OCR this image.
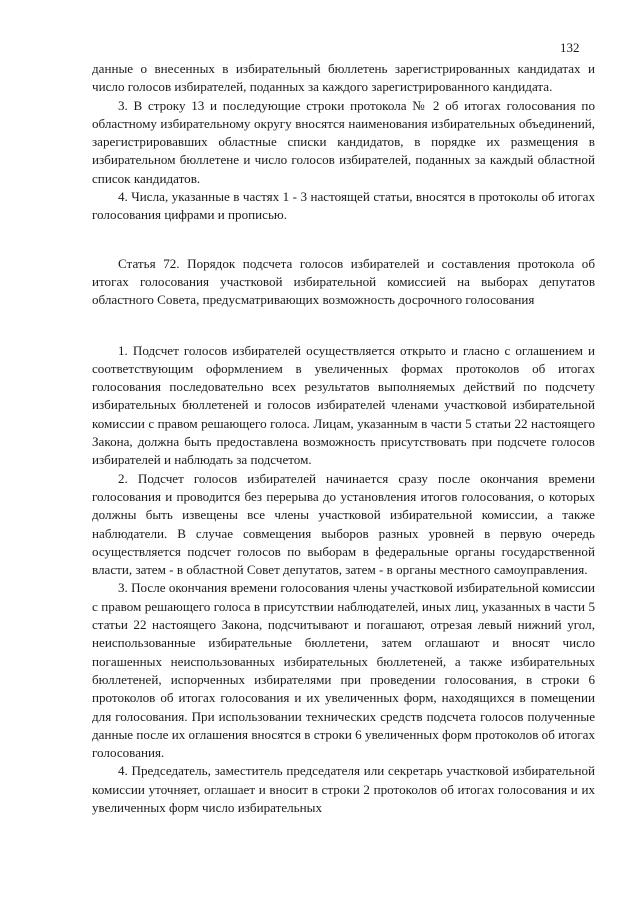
132

данные о внесенных в избирательный бюллетень зарегистрированных кандидатах и число голосов избирателей, поданных за каждого зарегистрированного кандидата.

3. В строку 13 и последующие строки протокола № 2 об итогах голосования по областному избирательному округу вносятся наименования избирательных объединений, зарегистрировавших областные списки кандидатов, в порядке их размещения в избирательном бюллетене и число голосов избирателей, поданных за каждый областной список кандидатов.

4. Числа, указанные в частях 1 - 3 настоящей статьи, вносятся в протоколы об итогах голосования цифрами и прописью.

Статья 72. Порядок подсчета голосов избирателей и составления протокола об итогах голосования участковой избирательной комиссией на выборах депутатов областного Совета, предусматривающих возможность досрочного голосования

1. Подсчет голосов избирателей осуществляется открыто и гласно с оглашением и соответствующим оформлением в увеличенных формах протоколов об итогах голосования последовательно всех результатов выполняемых действий по подсчету избирательных бюллетеней и голосов избирателей членами участковой избирательной комиссии с правом решающего голоса. Лицам, указанным в части 5 статьи 22 настоящего Закона, должна быть предоставлена возможность присутствовать при подсчете голосов избирателей и наблюдать за подсчетом.

2. Подсчет голосов избирателей начинается сразу после окончания времени голосования и проводится без перерыва до установления итогов голосования, о которых должны быть извещены все члены участковой избирательной комиссии, а также наблюдатели. В случае совмещения выборов разных уровней в первую очередь осуществляется подсчет голосов по выборам в федеральные органы государственной власти, затем - в областной Совет депутатов, затем - в органы местного самоуправления.

3. После окончания времени голосования члены участковой избирательной комиссии с правом решающего голоса в присутствии наблюдателей, иных лиц, указанных в части 5 статьи 22 настоящего Закона, подсчитывают и погашают, отрезая левый нижний угол, неиспользованные избирательные бюллетени, затем оглашают и вносят число погашенных неиспользованных избирательных бюллетеней, а также избирательных бюллетеней, испорченных избирателями при проведении голосования, в строки 6 протоколов об итогах голосования и их увеличенных форм, находящихся в помещении для голосования. При использовании технических средств подсчета голосов полученные данные после их оглашения вносятся в строки 6 увеличенных форм протоколов об итогах голосования.

4. Председатель, заместитель председателя или секретарь участковой избирательной комиссии уточняет, оглашает и вносит в строки 2 протоколов об итогах голосования и их увеличенных форм число избирательных
